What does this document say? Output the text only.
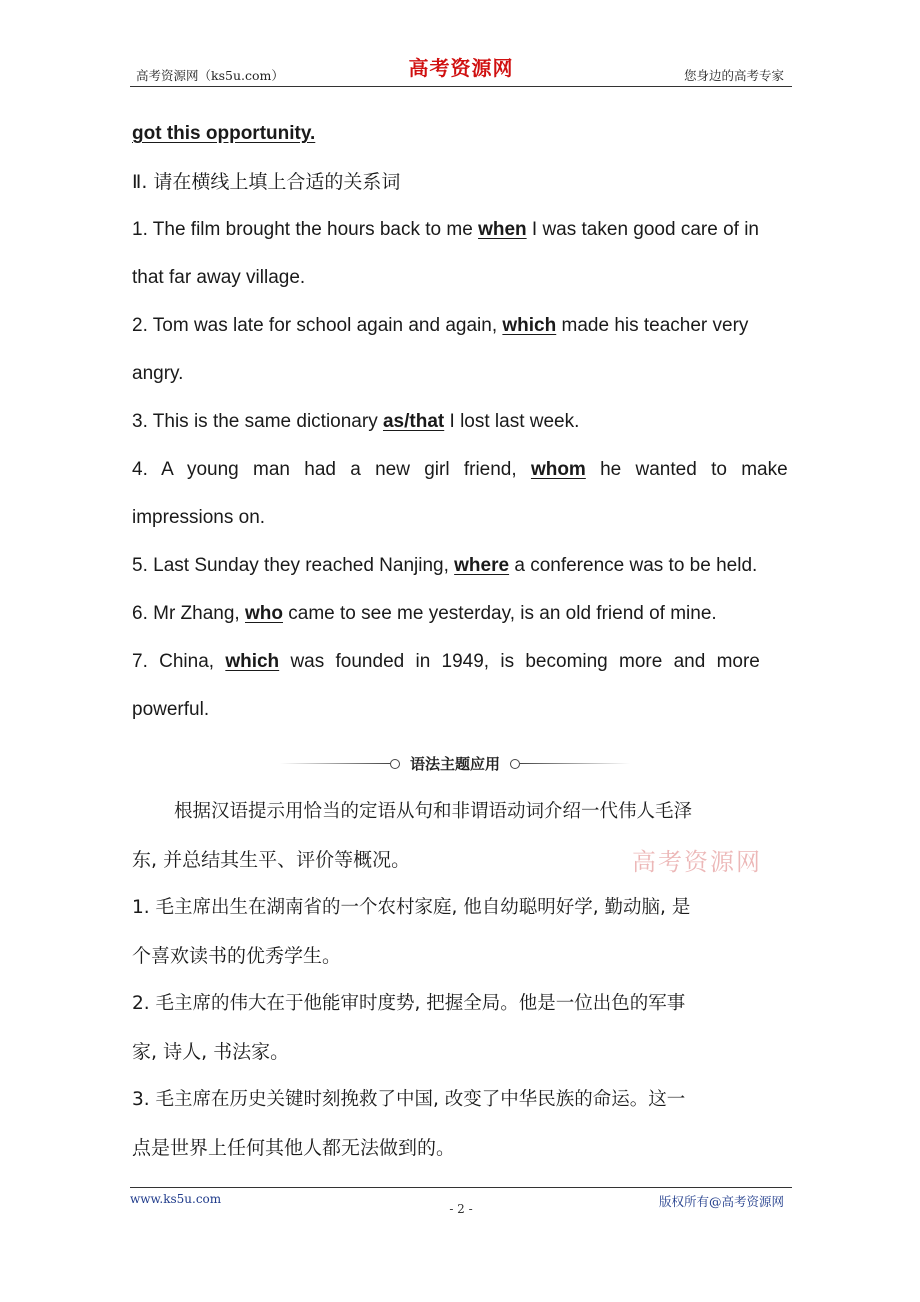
高考资源网（ks5u.com）	高考资源网	您身边的高考专家
got this opportunity.
Ⅱ. 请在横线上填上合适的关系词
1. The film brought the hours back to me when I was taken good care of in
that far away village.
2. Tom was late for school again and again, which made his teacher very
angry.
3. This is the same dictionary as/that I lost last week.
4. A young man had a new girl friend, whom he wanted to make
impressions on.
5. Last Sunday they reached Nanjing, where a conference was to be held.
6. Mr Zhang, who came to see me yesterday, is an old friend of mine.
7. China, which was founded in 1949, is becoming more and more
powerful.
语法主题应用
根据汉语提示用恰当的定语从句和非谓语动词介绍一代伟人毛泽
东, 并总结其生平、评价等概况。
1. 毛主席出生在湖南省的一个农村家庭, 他自幼聪明好学, 勤动脑, 是
个喜欢读书的优秀学生。
2. 毛主席的伟大在于他能审时度势, 把握全局。他是一位出色的军事
家, 诗人, 书法家。
3. 毛主席在历史关键时刻挽救了中国, 改变了中华民族的命运。这一
点是世界上任何其他人都无法做到的。
高考资源网
www.ks5u.com
- 2 -	版权所有@高考资源网
